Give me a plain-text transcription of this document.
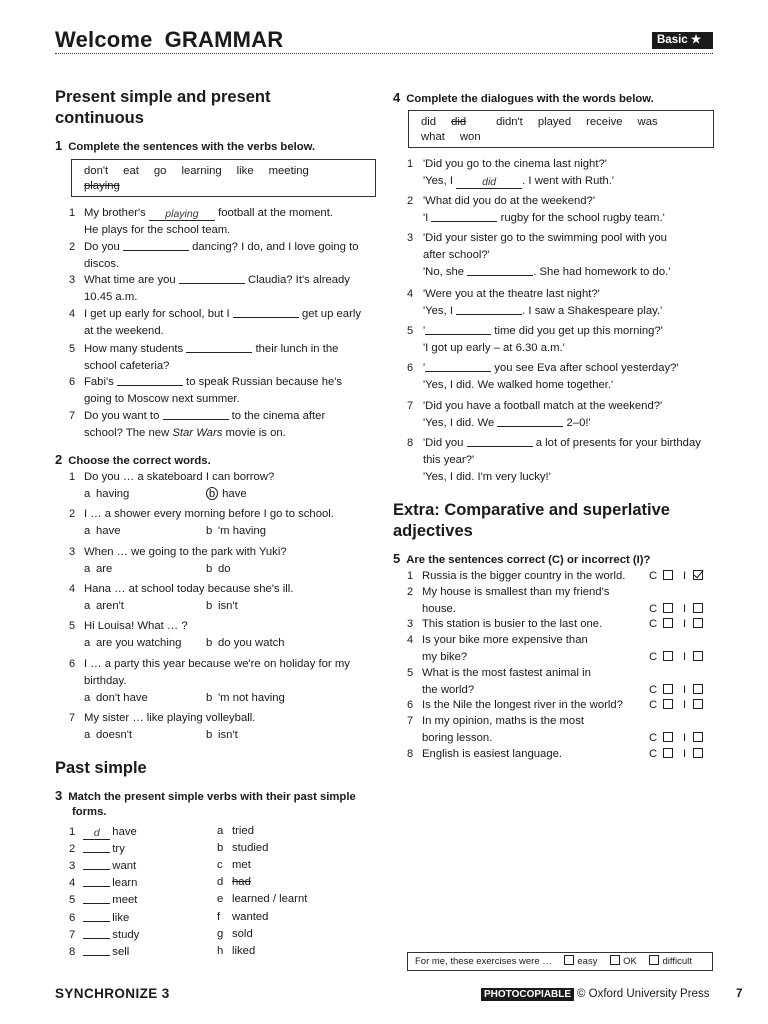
Welcome GRAMMAR	Basic ★
Present simple and present
continuous
1 Complete the sentences with the verbs below.
don't eat go learning like meeting
playing
1 My brother's playing football at the moment.
He plays for the school team.
2 Do you	dancing? I do, and I love going to
discos.
3 What time are you	Claudia? It's already
10.45 a.m.
4 I get up early for school, but I	get up early
at the weekend.
5 How many students	their lunch in the
school cafeteria?
6 Fabi's	to speak Russian because he's
going to Moscow next summer.
7 Do you want to	to the cinema after
school? The new Star Wars movie is on.
2 Choose the correct words.
1 Do you … a skateboard I can borrow?
a having	b have
2 I … a shower every morning before I go to school.
a have	b 'm having
3 When … we going to the park with Yuki?
a are	b do
4 Hana … at school today because she's ill.
a aren't	b isn't
5 Hi Louisa! What … ?
a are you watching b do you watch
6 I … a party this year because we're on holiday for my
birthday.
a don't have	b 'm not having
7 My sister … like playing volleyball.
a doesn't	b isn't
Past simple
3 Match the present simple verbs with their past simple
forms.
1 d have
2	try
3	want
4	learn
5	meet
6	like
7	study
8	sell
a tried
b studied
c met
d had
e learned / learnt
f wanted
g sold
h liked
4 Complete the dialogues with the words below.
did did	didn't played receive was
what won
1 'Did you go to the cinema last night?'
'Yes, I did . I went with Ruth.'
2 'What did you do at the weekend?'
'I	rugby for the school rugby team.'
3 'Did your sister go to the swimming pool with you
after school?'
'No, she	. She had homework to do.'
4 'Were you at the theatre last night?'
'Yes, I	. I saw a Shakespeare play.'
5 '	time did you get up this morning?'
'I got up early – at 6.30 a.m.'
6 '	you see Eva after school yesterday?'
'Yes, I did. We walked home together.'
7 'Did you have a football match at the weekend?'
'Yes, I did. We	2–0!'
8 'Did you	a lot of presents for your birthday
this year?'
'Yes, I did. I'm very lucky!'
Extra: Comparative and superlative
adjectives
5 Are the sentences correct (C) or incorrect (I)?
1 Russia is the bigger country in the world.	C I
2 My house is smallest than my friend's
house.	C I
3 This station is busier to the last one.	C I
4 Is your bike more expensive than
my bike?	C I
5 What is the most fastest animal in
the world?	C I
6 Is the Nile the longest river in the world?	C I
7 In my opinion, maths is the most
boring lesson.	C I
8 English is easiest language.	C I
For me, these exercises were …	easy	OK	difficult
SYNCHRONIZE 3	PHOTOCOPIABLE © Oxford University Press 7
